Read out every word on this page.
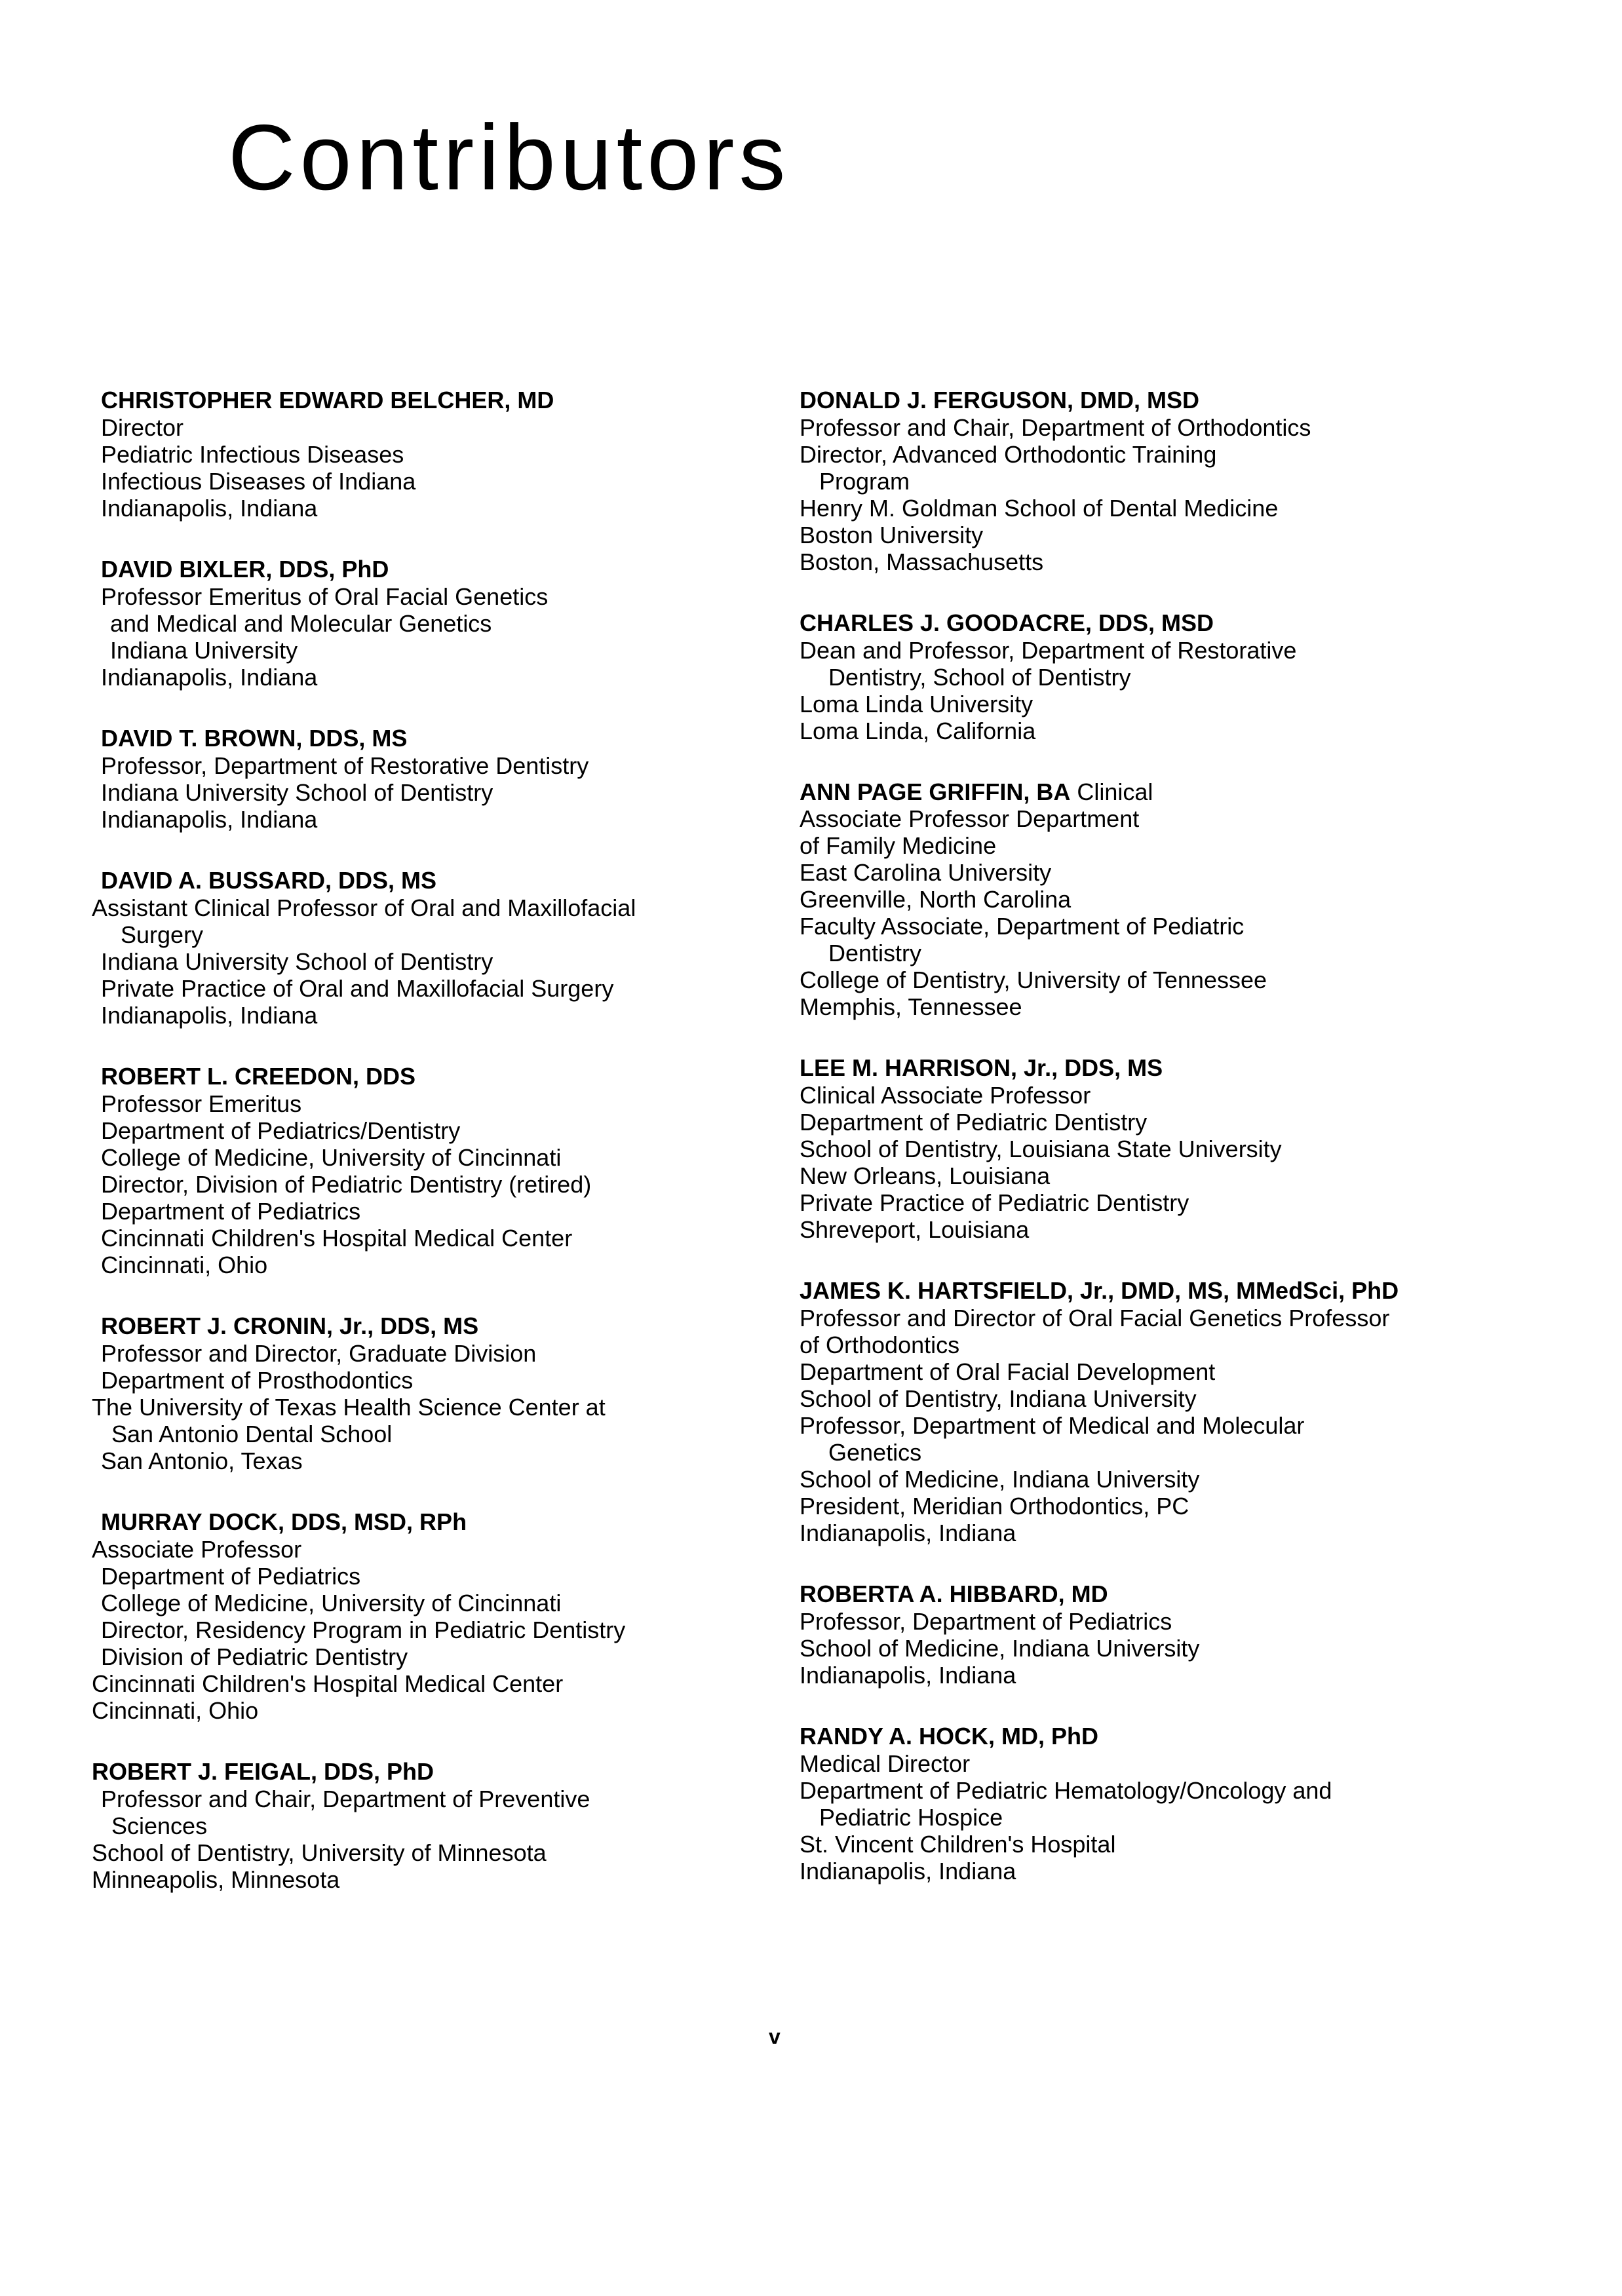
Contributors

CHRISTOPHER EDWARD BELCHER, MD

Director

Pediatric Infectious Diseases

Infectious Diseases of Indiana

Indianapolis, Indiana

DAVID BIXLER, DDS, PhD

Professor Emeritus of Oral Facial Genetics

and Medical and Molecular Genetics

Indiana University

Indianapolis, Indiana

DAVID T. BROWN, DDS, MS

Professor, Department of Restorative Dentistry

Indiana University School of Dentistry

Indianapolis, Indiana

DAVID A. BUSSARD, DDS, MS

Assistant Clinical Professor of Oral and Maxillofacial

Surgery

Indiana University School of Dentistry

Private Practice of Oral and Maxillofacial Surgery

Indianapolis, Indiana

ROBERT L. CREEDON, DDS

Professor Emeritus

Department of Pediatrics/Dentistry

College of Medicine, University of Cincinnati

Director, Division of Pediatric Dentistry (retired)

Department of Pediatrics

Cincinnati Children's Hospital Medical Center

Cincinnati, Ohio

ROBERT J. CRONIN, Jr., DDS, MS

Professor and Director, Graduate Division

Department of Prosthodontics

The University of Texas Health Science Center at

San Antonio Dental School

San Antonio, Texas

MURRAY DOCK, DDS, MSD, RPh

Associate Professor

Department of Pediatrics

College of Medicine, University of Cincinnati

Director, Residency Program in Pediatric Dentistry

Division of Pediatric Dentistry

Cincinnati Children's Hospital Medical Center

Cincinnati, Ohio

ROBERT J. FEIGAL, DDS, PhD

Professor and Chair, Department of Preventive

Sciences

School of Dentistry, University of Minnesota

Minneapolis, Minnesota

DONALD J. FERGUSON, DMD, MSD

Professor and Chair, Department of Orthodontics

Director, Advanced Orthodontic Training

Program

Henry M. Goldman School of Dental Medicine

Boston University

Boston, Massachusetts

CHARLES J. GOODACRE, DDS, MSD

Dean and Professor, Department of Restorative

Dentistry, School of Dentistry

Loma Linda University

Loma Linda, California

ANN PAGE GRIFFIN, BA Clinical

Associate Professor Department

of Family Medicine

East Carolina University

Greenville, North Carolina

Faculty Associate, Department of Pediatric

Dentistry

College of Dentistry, University of Tennessee

Memphis, Tennessee

LEE M. HARRISON, Jr., DDS, MS

Clinical Associate Professor

Department of Pediatric Dentistry

School of Dentistry, Louisiana State University

New Orleans, Louisiana

Private Practice of Pediatric Dentistry

Shreveport, Louisiana

JAMES K. HARTSFIELD, Jr., DMD, MS, MMedSci, PhD

Professor and Director of Oral Facial Genetics Professor

of Orthodontics

Department of Oral Facial Development

School of Dentistry, Indiana University

Professor, Department of Medical and Molecular

Genetics

School of Medicine, Indiana University

President, Meridian Orthodontics, PC

Indianapolis, Indiana

ROBERTA A. HIBBARD, MD

Professor, Department of Pediatrics

School of Medicine, Indiana University

Indianapolis, Indiana

RANDY A. HOCK, MD, PhD

Medical Director

Department of Pediatric Hematology/Oncology and

Pediatric Hospice

St. Vincent Children's Hospital

Indianapolis, Indiana

v
